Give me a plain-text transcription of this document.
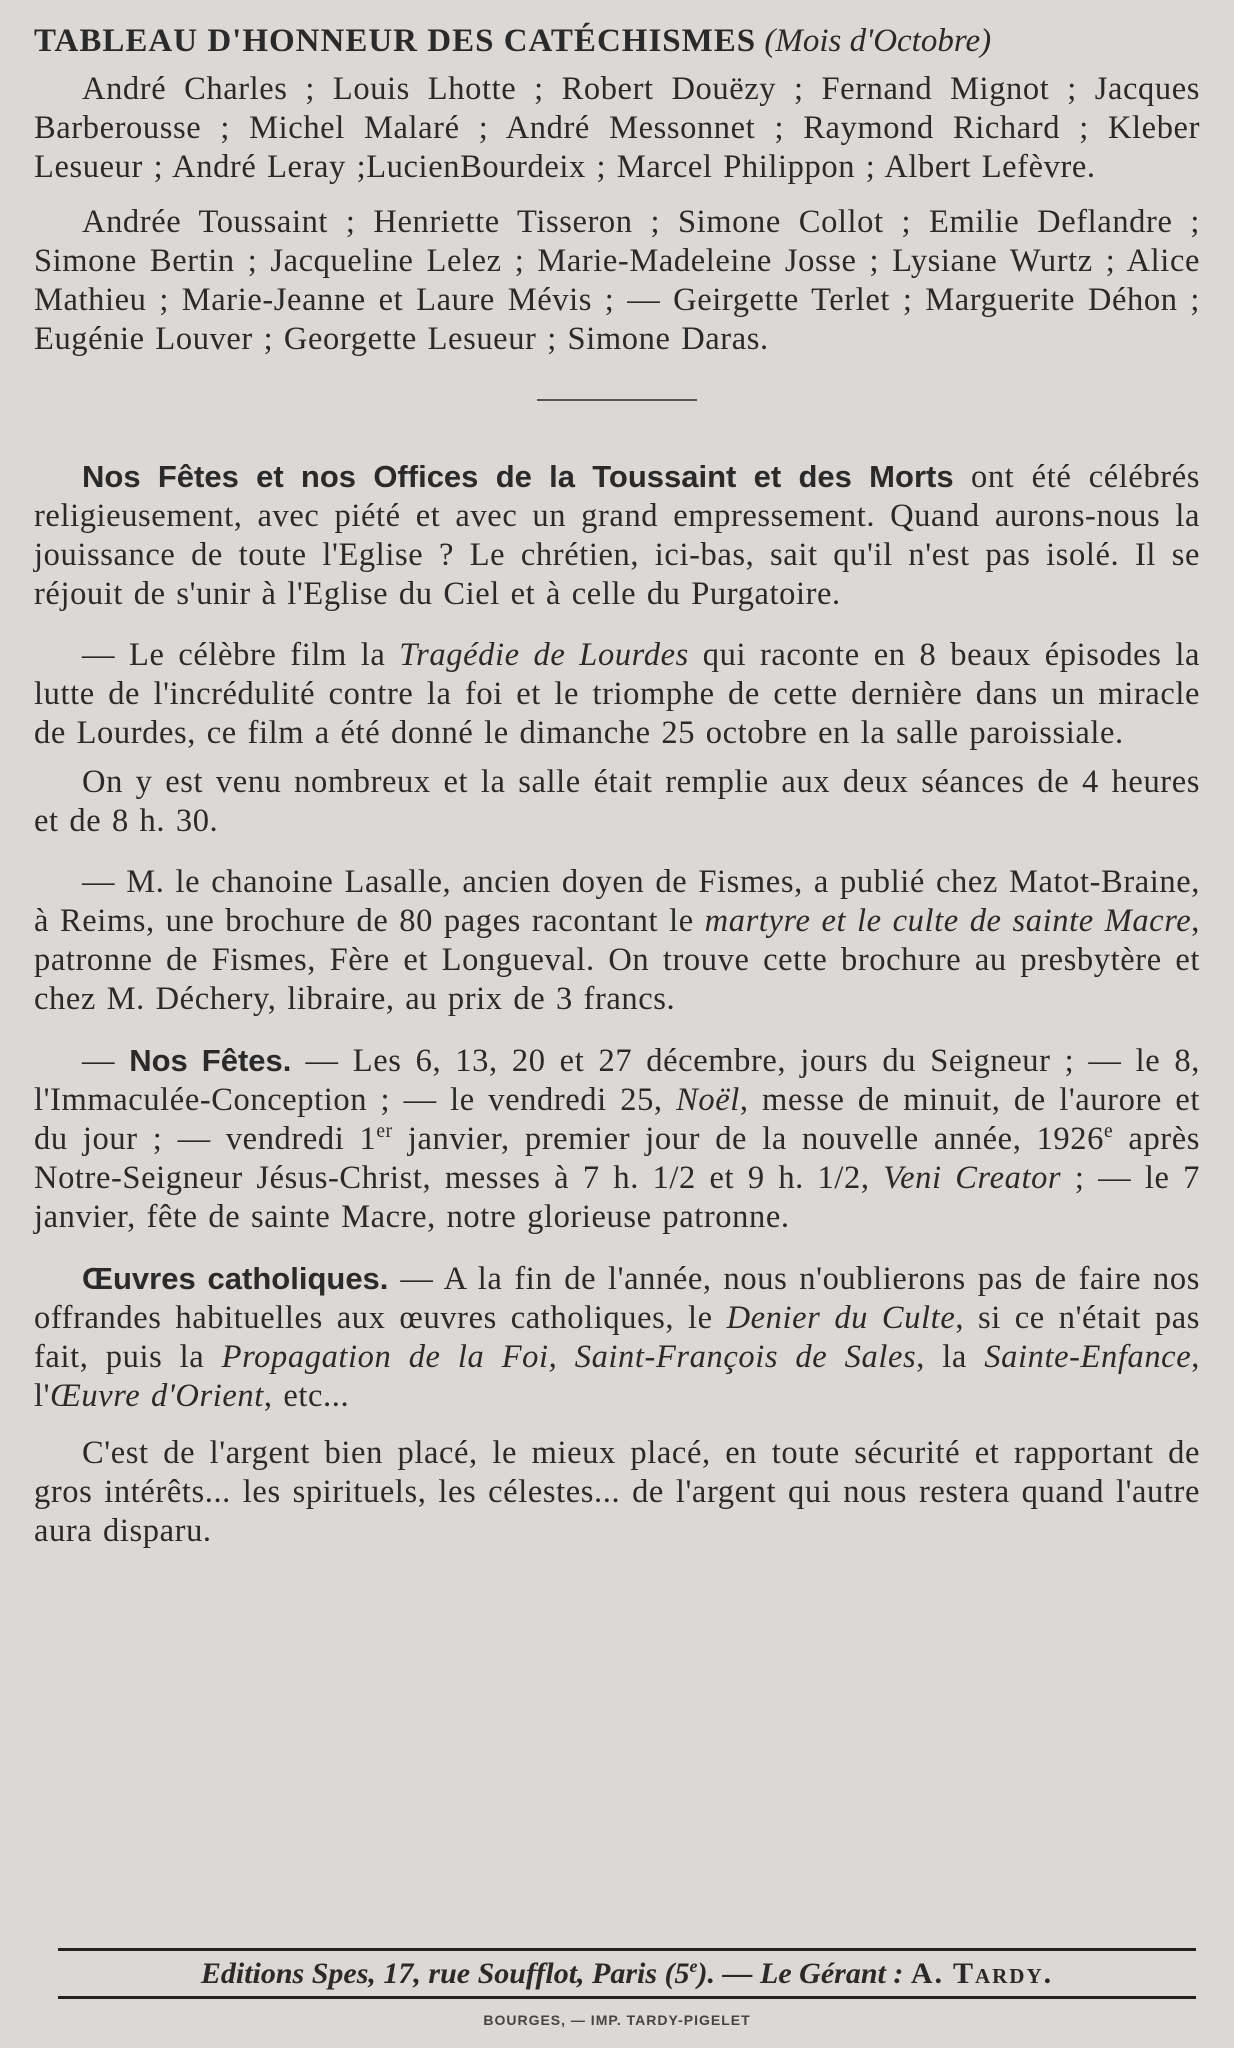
TABLEAU D'HONNEUR DES CATÉCHISMES (Mois d'Octobre)

André Charles ; Louis Lhotte ; Robert Douëzy ; Fernand Mignot ; Jacques Barberousse ; Michel Malaré ; André Messonnet ; Raymond Richard ; Kleber Lesueur ; André Leray ;LucienBourdeix ; Marcel Philippon ; Albert Lefèvre.

Andrée Toussaint ; Henriette Tisseron ; Simone Collot ; Emilie Deflandre ; Simone Bertin ; Jacqueline Lelez ; Marie-Madeleine Josse ; Lysiane Wurtz ; Alice Mathieu ; Marie-Jeanne et Laure Mévis ; — Geirgette Terlet ; Marguerite Déhon ; Eugénie Louver ; Georgette Lesueur ; Simone Daras.

Nos Fêtes et nos Offices de la Toussaint et des Morts ont été célébrés religieusement, avec piété et avec un grand empressement. Quand aurons-nous la jouissance de toute l'Eglise ? Le chrétien, ici-bas, sait qu'il n'est pas isolé. Il se réjouit de s'unir à l'Eglise du Ciel et à celle du Purgatoire.

— Le célèbre film la Tragédie de Lourdes qui raconte en 8 beaux épisodes la lutte de l'incrédulité contre la foi et le triomphe de cette dernière dans un miracle de Lourdes, ce film a été donné le dimanche 25 octobre en la salle paroissiale.

On y est venu nombreux et la salle était remplie aux deux séances de 4 heures et de 8 h. 30.

— M. le chanoine Lasalle, ancien doyen de Fismes, a publié chez Matot-Braine, à Reims, une brochure de 80 pages racontant le martyre et le culte de sainte Macre, patronne de Fismes, Fère et Longueval. On trouve cette brochure au presbytère et chez M. Déchery, libraire, au prix de 3 francs.

— Nos Fêtes. — Les 6, 13, 20 et 27 décembre, jours du Seigneur ; — le 8, l'Immaculée-Conception ; — le vendredi 25, Noël, messe de minuit, de l'aurore et du jour ; — vendredi 1er janvier, premier jour de la nouvelle année, 1926e après Notre-Seigneur Jésus-Christ, messes à 7 h. 1/2 et 9 h. 1/2, Veni Creator ; — le 7 janvier, fête de sainte Macre, notre glorieuse patronne.

Œuvres catholiques. — A la fin de l'année, nous n'oublierons pas de faire nos offrandes habituelles aux œuvres catholiques, le Denier du Culte, si ce n'était pas fait, puis la Propagation de la Foi, Saint-François de Sales, la Sainte-Enfance, l'Œuvre d'Orient, etc...

C'est de l'argent bien placé, le mieux placé, en toute sécurité et rapportant de gros intérêts... les spirituels, les célestes... de l'argent qui nous restera quand l'autre aura disparu.

Editions Spes, 17, rue Soufflot, Paris (5e). — Le Gérant : A. Tardy.
BOURGES, — IMP. TARDY-PIGELET
